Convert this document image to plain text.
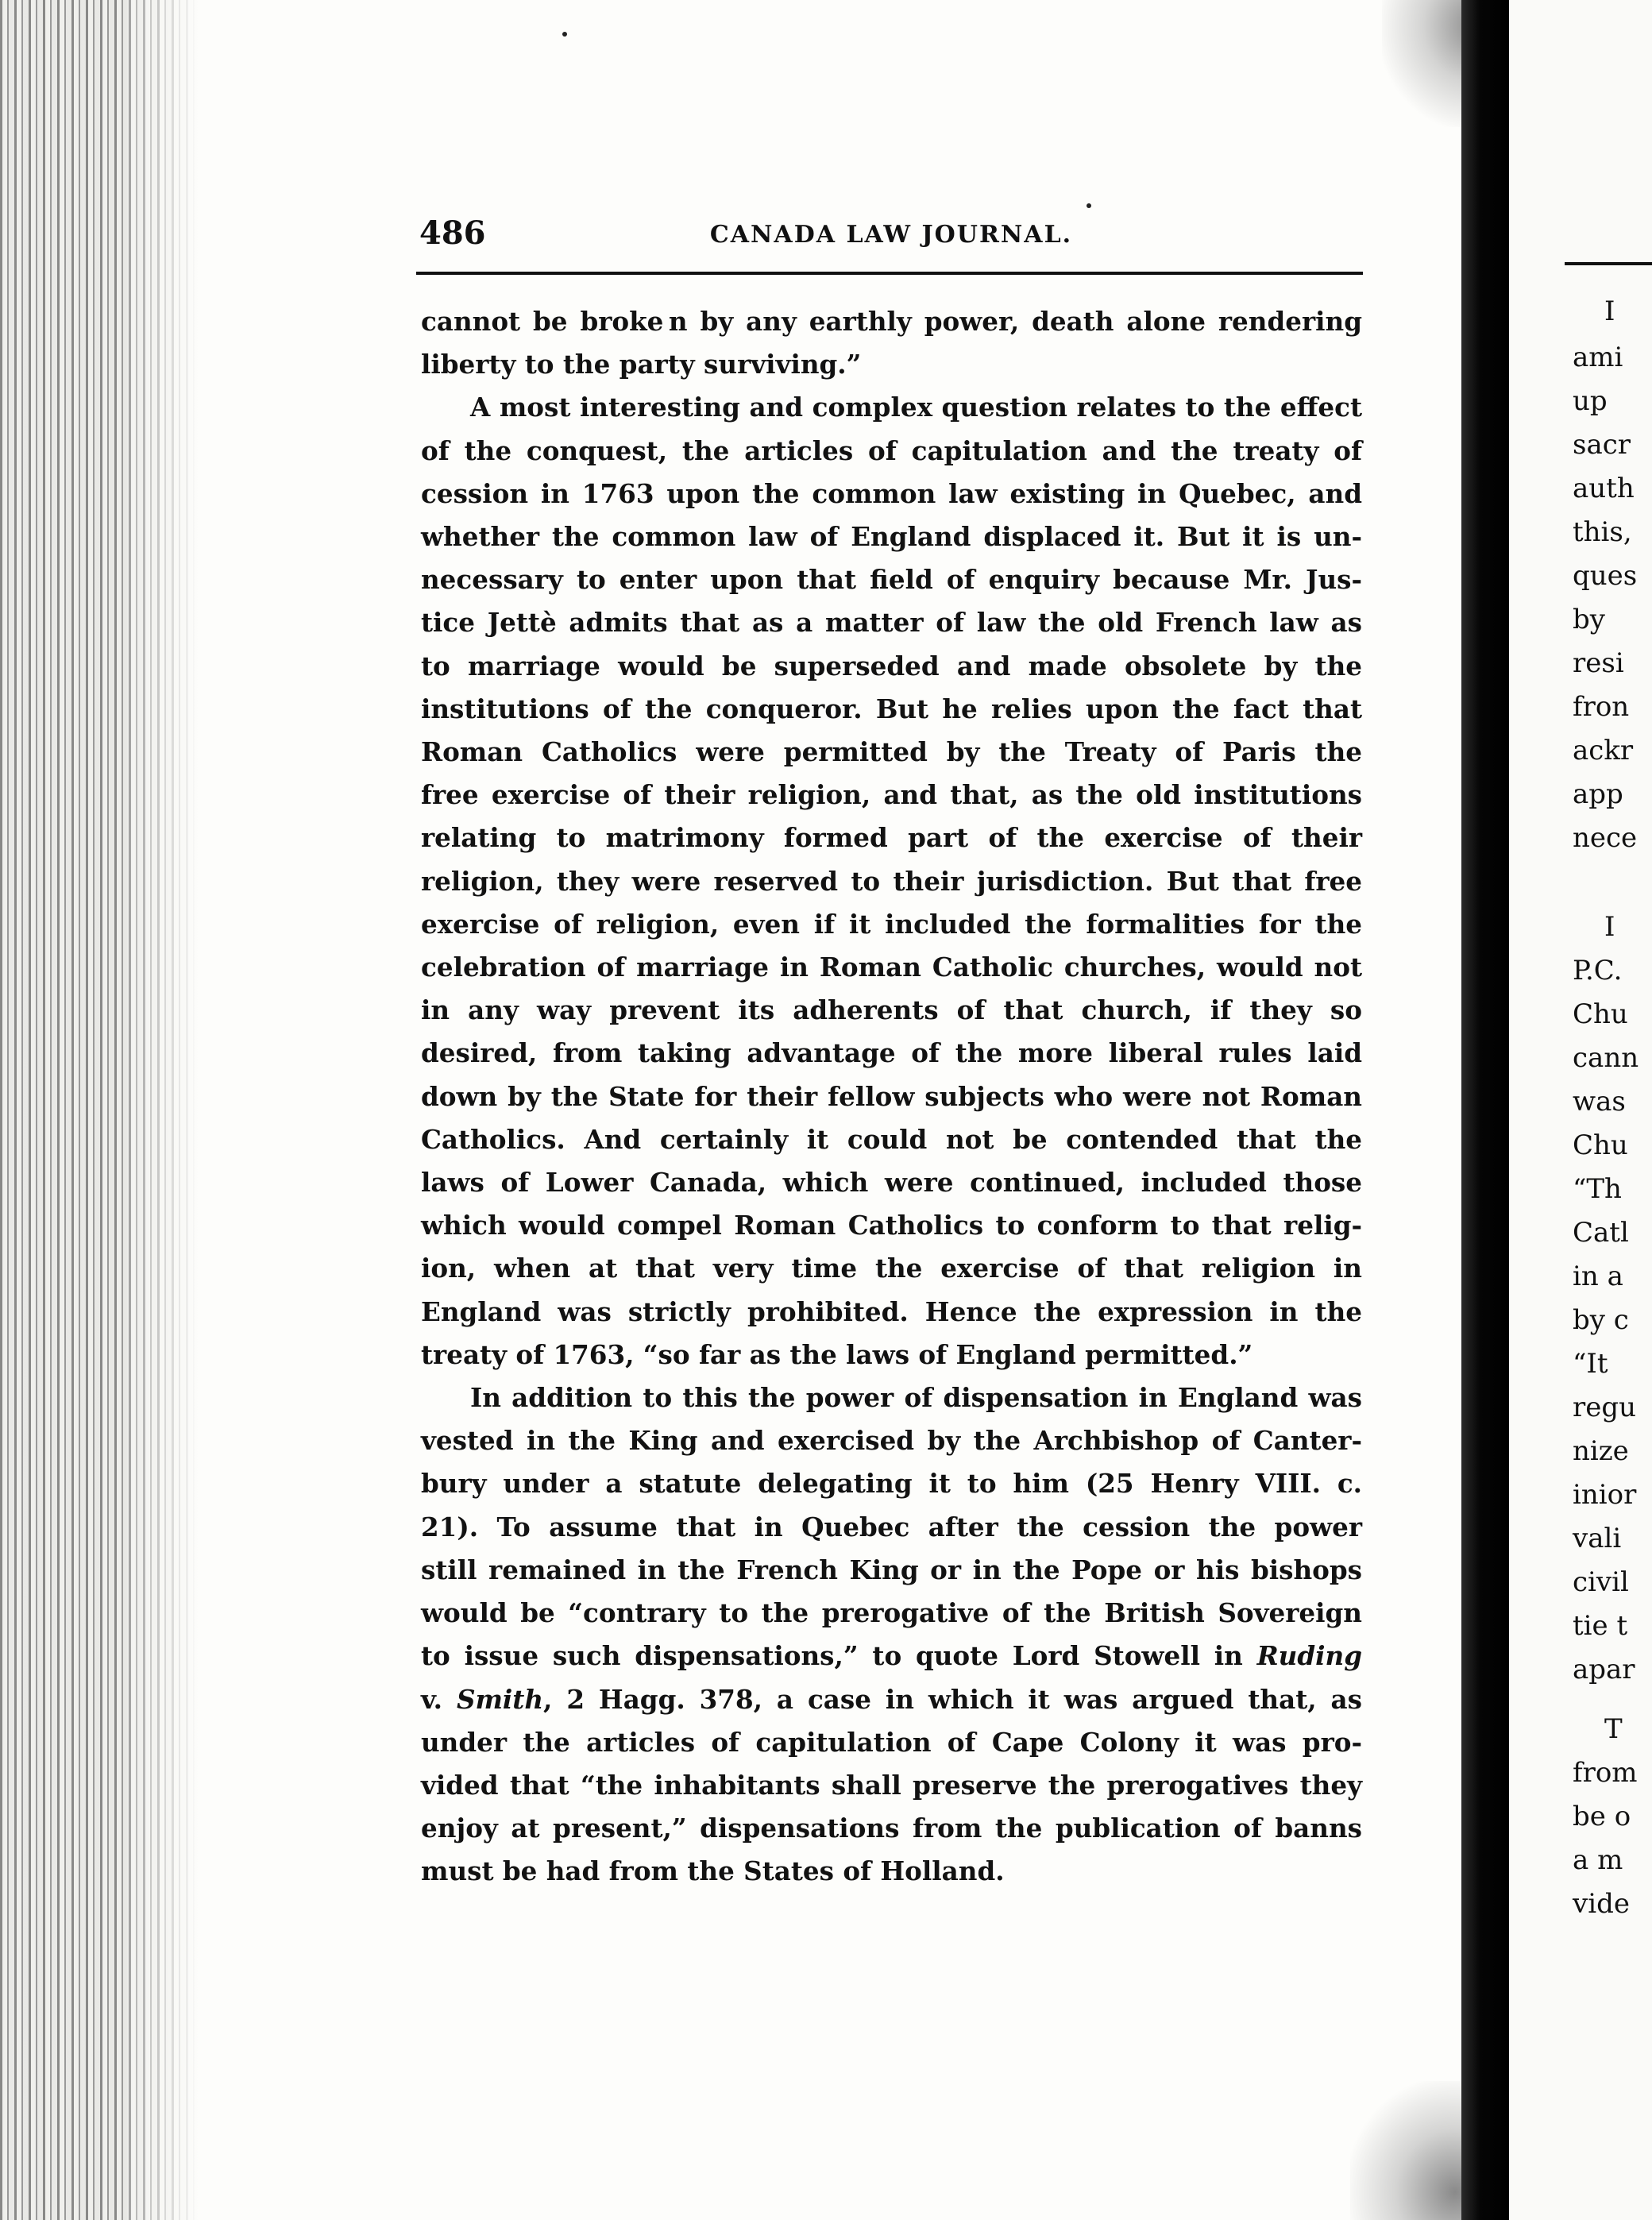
486	CANADA LAW JOURNAL.

cannot be broke n by any earthly power, death alone rendering

liberty to the party surviving.”

A most interesting and complex question relates to the effect

of the conquest, the articles of capitulation and the treaty of

cession in 1763 upon the common law existing in Quebec, and

whether the common law of England displaced it. But it is un-

necessary to enter upon that field of enquiry because Mr. Jus-

tice Jettè admits that as a matter of law the old French law as

to marriage would be superseded and made obsolete by the

institutions of the conqueror. But he relies upon the fact that

Roman Catholics were permitted by the Treaty of Paris the

free exercise of their religion, and that, as the old institutions

relating to matrimony formed part of the exercise of their

religion, they were reserved to their jurisdiction. But that free

exercise of religion, even if it included the formalities for the

celebration of marriage in Roman Catholic churches, would not

in any way prevent its adherents of that church, if they so

desired, from taking advantage of the more liberal rules laid

down by the State for their fellow subjects who were not Roman

Catholics. And certainly it could not be contended that the

laws of Lower Canada, which were continued, included those

which would compel Roman Catholics to conform to that relig-

ion, when at that very time the exercise of that religion in

England was strictly prohibited. Hence the expression in the

treaty of 1763, “so far as the laws of England permitted.”

In addition to this the power of dispensation in England was

vested in the King and exercised by the Archbishop of Canter-

bury under a statute delegating it to him (25 Henry VIII. c.

21). To assume that in Quebec after the cession the power

still remained in the French King or in the Pope or his bishops

would be “contrary to the prerogative of the British Sovereign

to issue such dispensations,” to quote Lord Stowell in Ruding

v. Smith, 2 Hagg. 378, a case in which it was argued that, as

under the articles of capitulation of Cape Colony it was pro-

vided that “the inhabitants shall preserve the prerogatives they

enjoy at present,” dispensations from the publication of banns

must be had from the States of Holland.

I
ami
up
sacr
auth
this,
ques
by
resi
fron
ackr
app
nece
I
P.C.
Chu
cann
was
Chu
“Th
Catl
in a
by c
“It
regu
nize
inior
vali
civil
tie t
apar
T
from
be o
a m
vide
